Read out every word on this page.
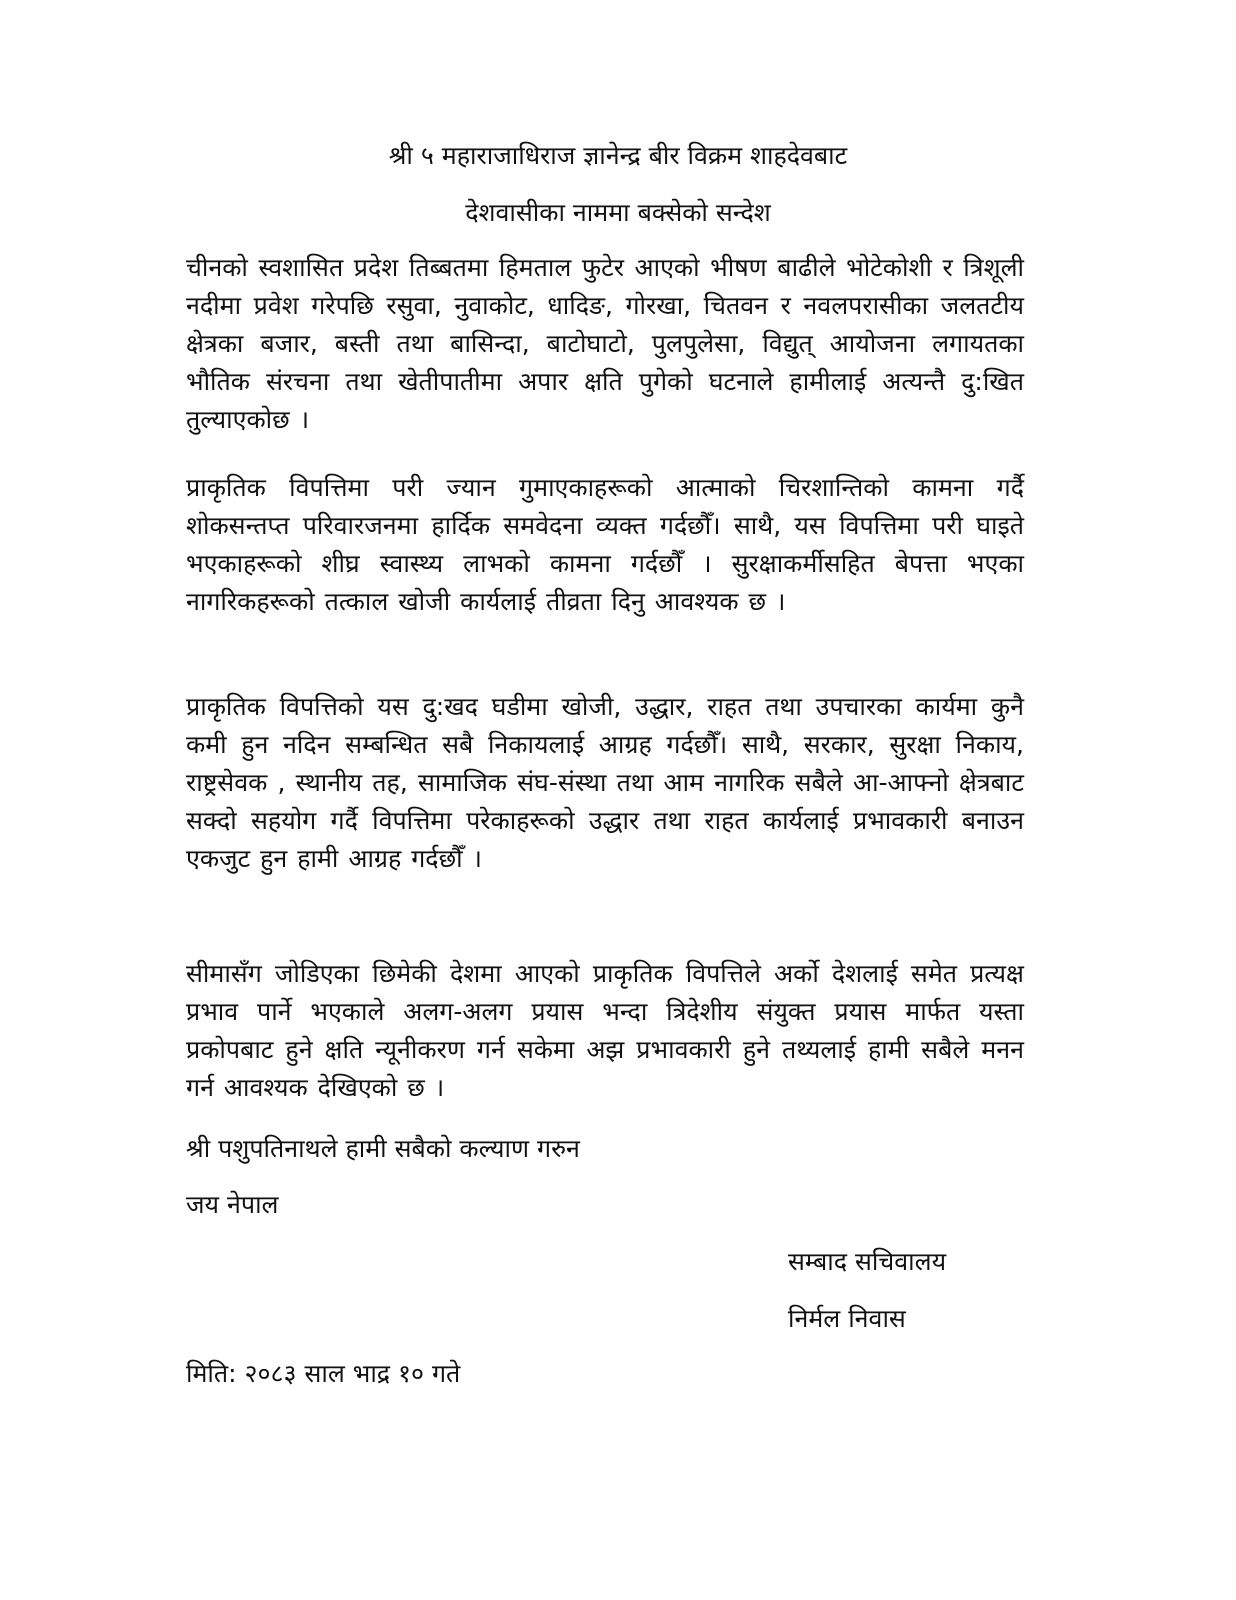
श्री ५ महाराजाधिराज ज्ञानेन्द्र बीर विक्रम शाहदेवबाट
देशवासीका नाममा बक्सेको सन्देश

चीनको स्वशासित प्रदेश तिब्बतमा हिमताल फुटेर आएको भीषण बाढीले भोटेकोशी र त्रिशूली नदीमा प्रवेश गरेपछि रसुवा, नुवाकोट, धादिङ, गोरखा, चितवन र नवलपरासीका जलतटीय क्षेत्रका बजार, बस्ती तथा बासिन्दा, बाटोघाटो, पुलपुलेसा, विद्युत् आयोजना लगायतका भौतिक संरचना तथा खेतीपातीमा अपार क्षति पुगेको घटनाले हामीलाई अत्यन्तै दु:खित तुल्याएकोछ ।

प्राकृतिक विपत्तिमा परी ज्यान गुमाएकाहरूको आत्माको चिरशान्तिको कामना गर्दै शोकसन्तप्त परिवारजनमा हार्दिक समवेदना व्यक्त गर्दछौँ। साथै, यस विपत्तिमा परी घाइते भएकाहरूको शीघ्र स्वास्थ्य लाभको कामना गर्दछौँ । सुरक्षाकर्मीसहित बेपत्ता भएका नागरिकहरूको तत्काल खोजी कार्यलाई तीव्रता दिनु आवश्यक छ ।

प्राकृतिक विपत्तिको यस दु:खद घडीमा खोजी, उद्धार, राहत तथा उपचारका कार्यमा कुनै कमी हुन नदिन सम्बन्धित सबै निकायलाई आग्रह गर्दछौँ। साथै, सरकार, सुरक्षा निकाय, राष्ट्रसेवक , स्थानीय तह, सामाजिक संघ-संस्था तथा आम नागरिक सबैले आ-आफ्नो क्षेत्रबाट सक्दो सहयोग गर्दै विपत्तिमा परेकाहरूको उद्धार तथा राहत कार्यलाई प्रभावकारी बनाउन एकजुट हुन हामी आग्रह गर्दछौँ ।

सीमासँग जोडिएका छिमेकी देशमा आएको प्राकृतिक विपत्तिले अर्को देशलाई समेत प्रत्यक्ष प्रभाव पार्ने भएकाले अलग-अलग प्रयास भन्दा त्रिदेशीय संयुक्त प्रयास मार्फत यस्ता प्रकोपबाट हुने क्षति न्यूनीकरण गर्न सकेमा अझ प्रभावकारी हुने तथ्यलाई हामी सबैले मनन गर्न आवश्यक देखिएको छ ।

श्री पशुपतिनाथले हामी सबैको कल्याण गरुन

जय नेपाल

सम्बाद सचिवालय

निर्मल निवास

मिति: २०८३ साल भाद्र १० गते
